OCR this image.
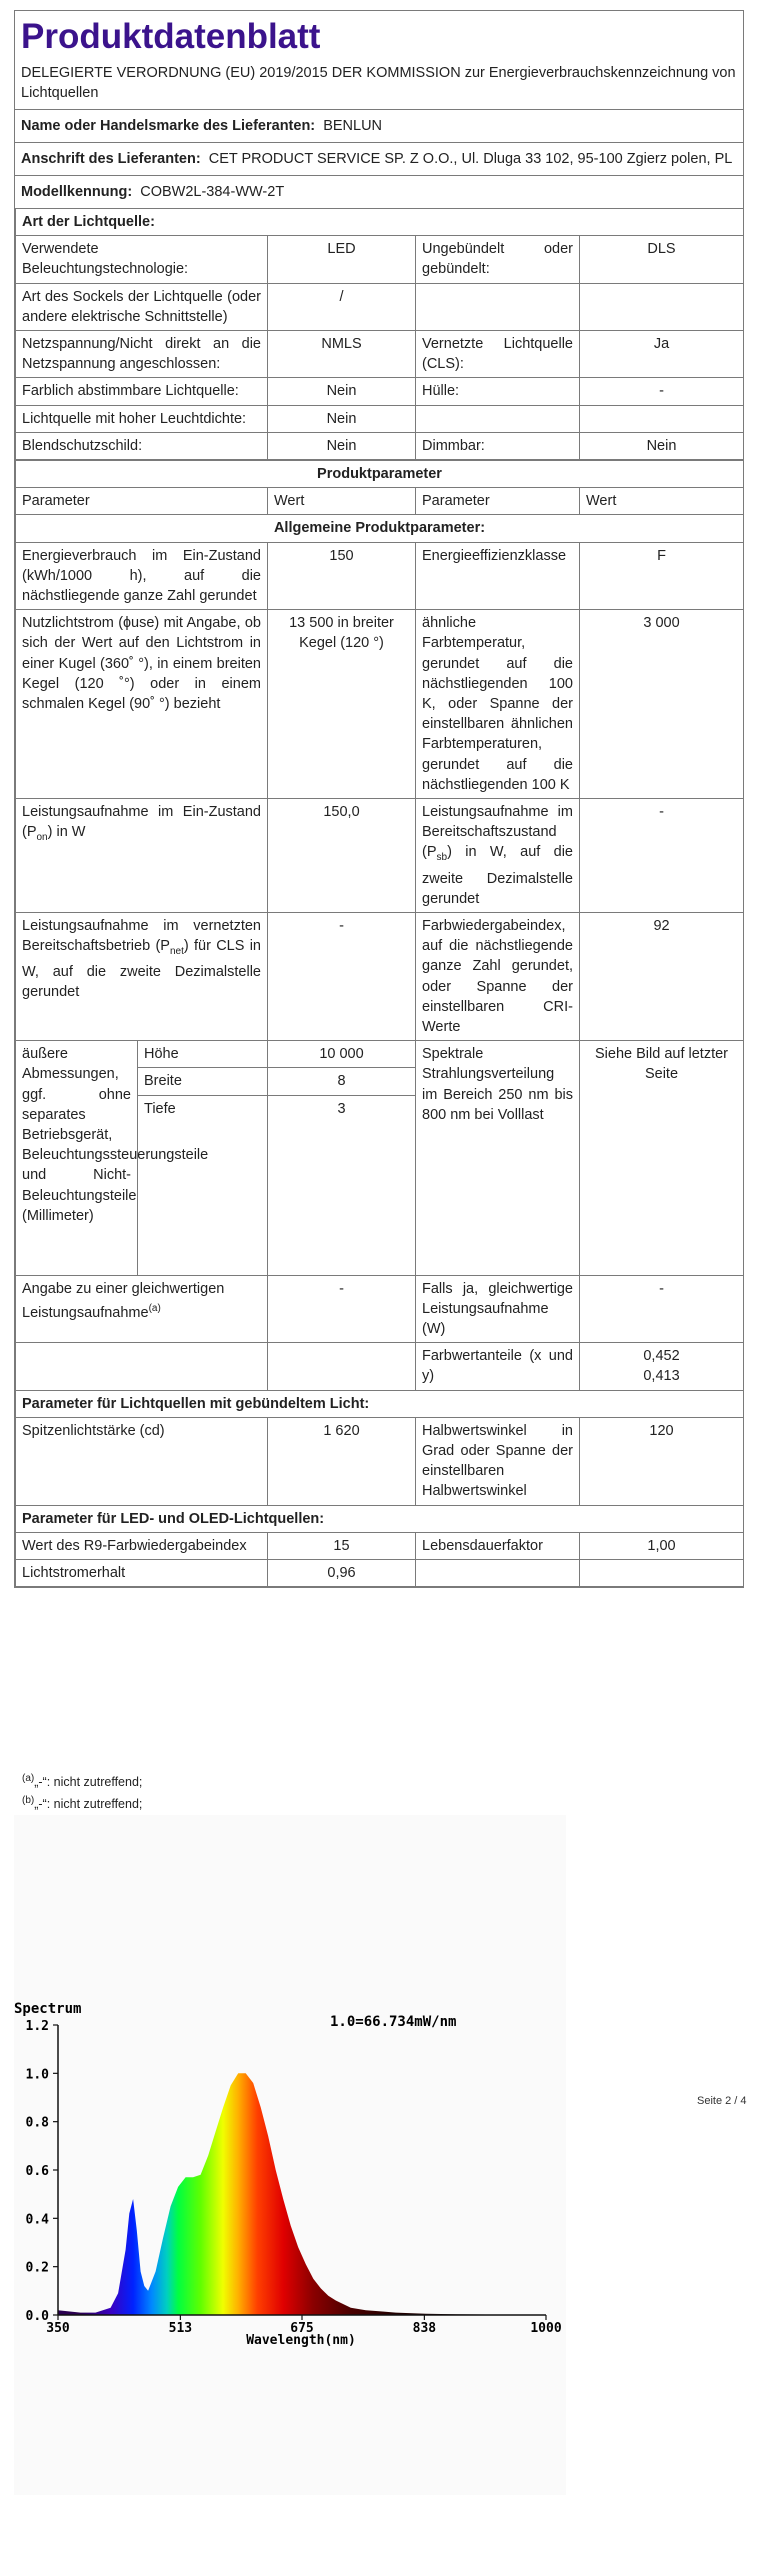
Produktdatenblatt
DELEGIERTE VERORDNUNG (EU) 2019/2015 DER KOMMISSION zur Energieverbrauchskennzeichnung von Lichtquellen
Name oder Handelsmarke des Lieferanten: BENLUN
Anschrift des Lieferanten: CET PRODUCT SERVICE SP. Z O.O., Ul. Dluga 33 102, 95-100 Zgierz polen, PL
Modellkennung: COBW2L-384-WW-2T
Art der Lichtquelle:			
Verwendete Beleuchtungstechnologie:	LED	Ungebündelt oder gebündelt:	DLS
Art des Sockels der Lichtquelle (oder andere elektrische Schnittstelle)	/		
Netzspannung/Nicht direkt an die Netzspannung angeschlossen:	NMLS	Vernetzte Lichtquelle (CLS):	Ja
Farblich abstimmbare Lichtquelle:	Nein	Hülle:	-
Lichtquelle mit hoher Leuchtdichte:	Nein		
Blendschutzschild:	Nein	Dimmbar:	Nein
Produktparameter				
Parameter		Wert	Parameter	Wert
Allgemeine Produktparameter:				
Energieverbrauch im Ein-Zustand (kWh/1000 h), auf die nächstliegende ganze Zahl gerundet		150	Energieeffizienzklasse	F
Nutzlichtstrom (ɸuse) mit Angabe, ob sich der Wert auf den Lichtstrom in einer Kugel (360˚ °), in einem breiten Kegel (120 ˚°) oder in einem schmalen Kegel (90˚ °) bezieht		13 500 in breiter Kegel (120 °)	ähnliche Farbtemperatur, gerundet auf die nächstliegenden 100 K, oder Spanne der einstellbaren ähnlichen Farbtemperaturen, gerundet auf die nächstliegenden 100 K	3 000
Leistungsaufnahme im Ein-Zustand $(P_{on})$ in W		150,0	Leistungsaufnahme im Bereitschaftszustand $(P_{sb})$ in W, auf die zweite Dezimalstelle gerundet	-
Leistungsaufnahme im vernetzten Bereitschaftsbetrieb $(P_{net})$ für CLS in W, auf die zweite Dezimalstelle gerundet		-	Farbwiedergabeindex, auf die nächstliegende ganze Zahl gerundet, oder Spanne der einstellbaren CRI-Werte	92
äußere Abmessungen, ggf. ohne separates Betriebsgerät, Beleuchtungssteuerungsteile und Nicht-Beleuchtungsteile (Millimeter)	Höhe	10 000	Spektrale Strahlungsverteilung im Bereich 250 nm bis 800 nm bei Volllast	Siehe Bild auf letzter Seite
	Breite	8		
	Tiefe	3		
Angabe zu einer gleichwertigen Leistungsaufnahme$^{(a)}$		-	Falls ja, gleichwertige Leistungsaufnahme (W)	-
			Farbwertanteile (x und y)	0,452
0,413

Parameter für Lichtquellen mit gebündeltem Licht:				
Spitzenlichtstärke (cd)		1 620	Halbwertswinkel in Grad oder Spanne der einstellbaren Halbwertswinkel	120
Parameter für LED- und OLED-Lichtquellen:				
Wert des R9-Farbwiedergabeindex		15	Lebensdauerfaktor	1,00
Lichtstromerhalt		0,96		
$^{(a)}$„-“: nicht zutreffend;
$^{(b)}$„-“: nicht zutreffend;
Spectrum
1.0=66.734mW/nm
Wavelength(nm)
0.0
0.2
0.4
0.6
0.8
1.0
1.2
350	513	675	838	1000
Seite 2 / 4
